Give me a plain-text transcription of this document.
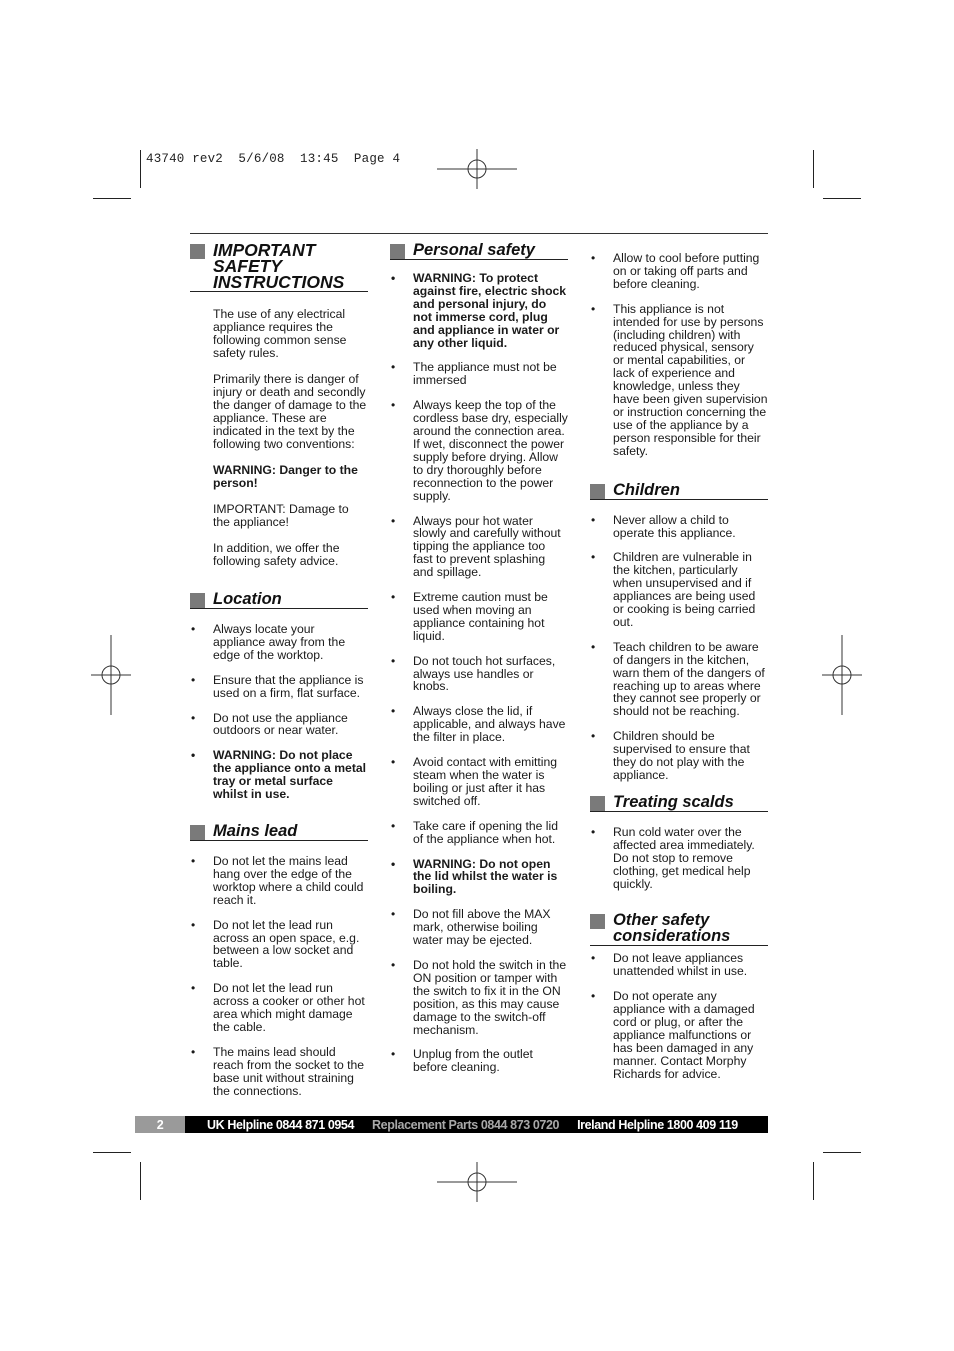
43740 rev2  5/6/08  13:45  Page 4
IMPORTANT SAFETY INSTRUCTIONS

The use of any electrical appliance requires the following common sense safety rules.

Primarily there is danger of injury or death and secondly the danger of damage to the appliance. These are indicated in the text by the following two conventions:

WARNING: Danger to the person!

IMPORTANT: Damage to the appliance!

In addition, we offer the following safety advice.

Location
• Always locate your appliance away from the edge of the worktop.
• Ensure that the appliance is used on a firm, flat surface.
• Do not use the appliance outdoors or near water.
• WARNING: Do not place the appliance onto a metal tray or metal surface whilst in use.
Mains lead
• Do not let the mains lead hang over the edge of the worktop where a child could reach it.
• Do not let the lead run across an open space, e.g. between a low socket and table.
• Do not let the lead run across a cooker or other hot area which might damage the cable.
• The mains lead should reach from the socket to the base unit without straining the connections.
Personal safety
• WARNING: To protect against fire, electric shock and personal injury, do not immerse cord, plug and appliance in water or any other liquid.
• The appliance must not be immersed
• Always keep the top of the cordless base dry, especially around the connection area. If wet, disconnect the power supply before drying. Allow to dry thoroughly before reconnection to the power supply.
• Always pour hot water slowly and carefully without tipping the appliance too fast to prevent splashing and spillage.
• Extreme caution must be used when moving an appliance containing hot liquid.
• Do not touch hot surfaces, always use handles or knobs.
• Always close the lid, if applicable, and always have the filter in place.
• Avoid contact with emitting steam when the water is boiling or just after it has switched off.
• Take care if opening the lid of the appliance when hot.
• WARNING: Do not open the lid whilst the water is boiling.
• Do not fill above the MAX mark, otherwise boiling water may be ejected.
• Do not hold the switch in the ON position or tamper with the switch to fix it in the ON position, as this may cause damage to the switch-off mechanism.
• Unplug from the outlet before cleaning.
• Allow to cool before putting on or taking off parts and before cleaning.
• This appliance is not intended for use by persons (including children) with reduced physical, sensory or mental capabilities, or lack of experience and knowledge, unless they have been given supervision or instruction concerning the use of the appliance by a person responsible for their safety.
Children
• Never allow a child to operate this appliance.
• Children are vulnerable in the kitchen, particularly when unsupervised and if appliances are being used or cooking is being carried out.
• Teach children to be aware of dangers in the kitchen, warn them of the dangers of reaching up to areas where they cannot see properly or should not be reaching.
• Children should be supervised to ensure that they do not play with the appliance.
Treating scalds
• Run cold water over the affected area immediately. Do not stop to remove clothing, get medical help quickly.
Other safety considerations
• Do not leave appliances unattended whilst in use.
• Do not operate any appliance with a damaged cord or plug, or after the appliance malfunctions or has been damaged in any manner. Contact Morphy Richards for advice.
2	UK Helpline 0844 871 0954 Replacement Parts 0844 873 0720 Ireland Helpline 1800 409 119
